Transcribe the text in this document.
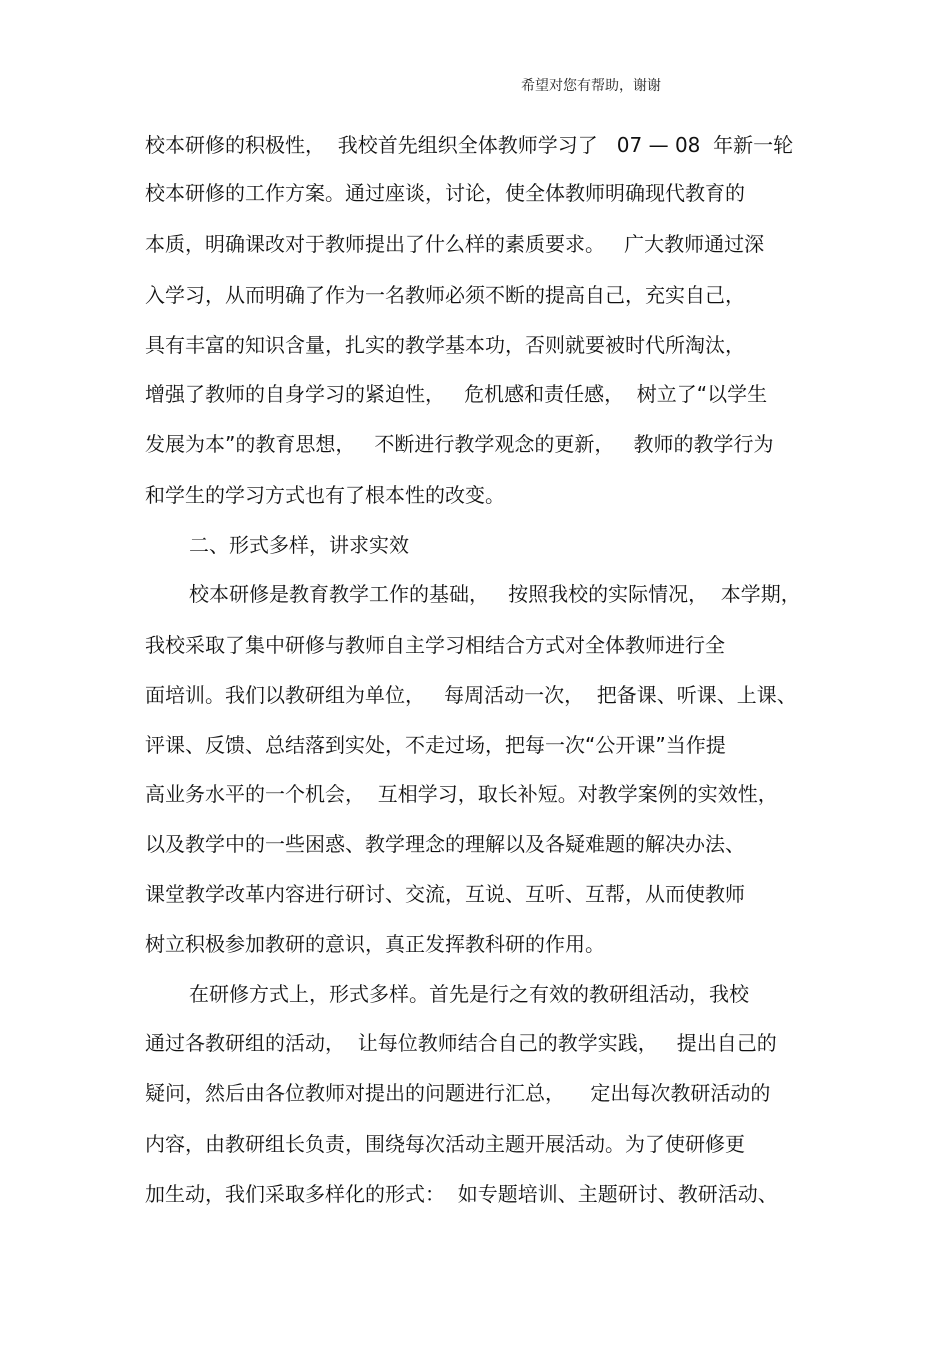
希望对您有帮助，谢谢
校本研修的积极性，  我校首先组织全体教师学习了   07 — 08  年新一轮
校本研修的工作方案。通过座谈，讨论，使全体教师明确现代教育的
本质，明确课改对于教师提出了什么样的素质要求。   广大教师通过深
入学习，从而明确了作为一名教师必须不断的提高自己，充实自己，
具有丰富的知识含量，扎实的教学基本功，否则就要被时代所淘汰，
增强了教师的自身学习的紧迫性，   危机感和责任感，  树立了“以学生
发展为本”的教育思想，   不断进行教学观念的更新，   教师的教学行为
和学生的学习方式也有了根本性的改变。
二、形式多样，讲求实效
校本研修是教育教学工作的基础，   按照我校的实际情况，  本学期，
我校采取了集中研修与教师自主学习相结合方式对全体教师进行全
面培训。我们以教研组为单位，   每周活动一次，  把备课、听课、上课、
评课、反馈、总结落到实处，不走过场，把每一次“公开课”当作提
高业务水平的一个机会，  互相学习，取长补短。对教学案例的实效性，
以及教学中的一些困惑、教学理念的理解以及各疑难题的解决办法、
课堂教学改革内容进行研讨、交流，互说、互听、互帮，从而使教师
树立积极参加教研的意识，真正发挥教科研的作用。
在研修方式上，形式多样。首先是行之有效的教研组活动，我校
通过各教研组的活动，  让每位教师结合自己的教学实践，   提出自己的
疑问，然后由各位教师对提出的问题进行汇总，    定出每次教研活动的
内容，由教研组长负责，围绕每次活动主题开展活动。为了使研修更
加生动，我们采取多样化的形式：  如专题培训、主题研讨、教研活动、
